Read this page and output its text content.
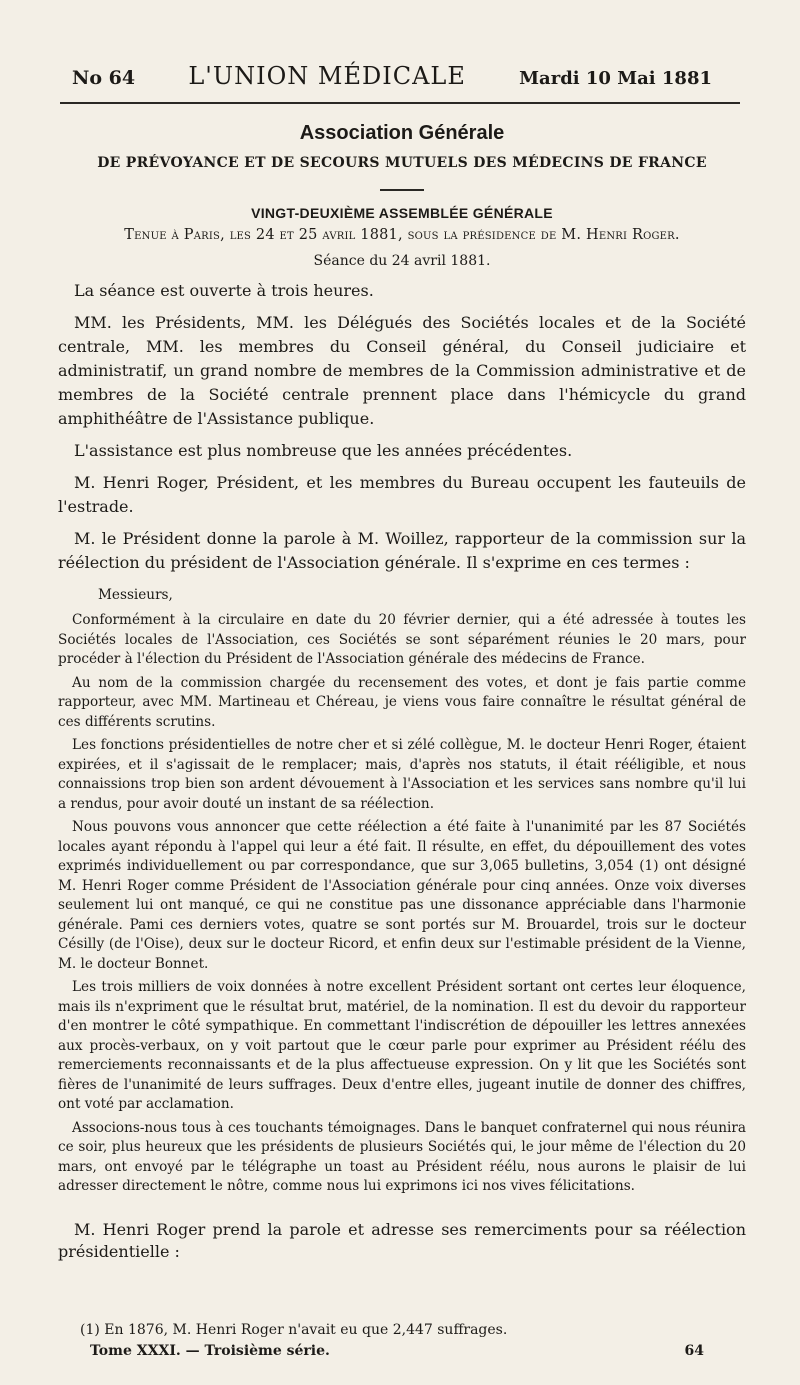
No 64 L'UNION MÉDICALE	Mardi 10 Mai 1881
Association Générale

DE PRÉVOYANCE ET DE SECOURS MUTUELS DES MÉDECINS DE FRANCE

VINGT-DEUXIÈME ASSEMBLÉE GÉNÉRALE

Tenue à Paris, les 24 et 25 avril 1881, sous la présidence de M. Henri Roger.

Séance du 24 avril 1881.

La séance est ouverte à trois heures.

MM. les Présidents, MM. les Délégués des Sociétés locales et de la Société centrale, MM. les membres du Conseil général, du Conseil judiciaire et administratif, un grand nombre de membres de la Commission administrative et de membres de la Société centrale prennent place dans l'hémicycle du grand amphithéâtre de l'Assistance publique.

L'assistance est plus nombreuse que les années précédentes.

M. Henri Roger, Président, et les membres du Bureau occupent les fauteuils de l'estrade.

M. le Président donne la parole à M. Woillez, rapporteur de la commission sur la réélection du président de l'Association générale. Il s'exprime en ces termes :

Messieurs,

Conformément à la circulaire en date du 20 février dernier, qui a été adressée à toutes les Sociétés locales de l'Association, ces Sociétés se sont séparément réunies le 20 mars, pour procéder à l'élection du Président de l'Association générale des médecins de France.

Au nom de la commission chargée du recensement des votes, et dont je fais partie comme rapporteur, avec MM. Martineau et Chéreau, je viens vous faire connaître le résultat général de ces différents scrutins.

Les fonctions présidentielles de notre cher et si zélé collègue, M. le docteur Henri Roger, étaient expirées, et il s'agissait de le remplacer; mais, d'après nos statuts, il était rééligible, et nous connaissions trop bien son ardent dévouement à l'Association et les services sans nombre qu'il lui a rendus, pour avoir douté un instant de sa réélection.

Nous pouvons vous annoncer que cette réélection a été faite à l'unanimité par les 87 Sociétés locales ayant répondu à l'appel qui leur a été fait. Il résulte, en effet, du dépouillement des votes exprimés individuellement ou par correspondance, que sur 3,065 bulletins, 3,054 (1) ont désigné M. Henri Roger comme Président de l'Association générale pour cinq années. Onze voix diverses seulement lui ont manqué, ce qui ne constitue pas une dissonance appréciable dans l'harmonie générale. Pami ces derniers votes, quatre se sont portés sur M. Brouardel, trois sur le docteur Césilly (de l'Oise), deux sur le docteur Ricord, et enfin deux sur l'estimable président de la Vienne, M. le docteur Bonnet.

Les trois milliers de voix données à notre excellent Président sortant ont certes leur éloquence, mais ils n'expriment que le résultat brut, matériel, de la nomination. Il est du devoir du rapporteur d'en montrer le côté sympathique. En commettant l'indiscrétion de dépouiller les lettres annexées aux procès-verbaux, on y voit partout que le cœur parle pour exprimer au Président réélu des remerciements reconnaissants et de la plus affectueuse expression. On y lit que les Sociétés sont fières de l'unanimité de leurs suffrages. Deux d'entre elles, jugeant inutile de donner des chiffres, ont voté par acclamation.

Associons-nous tous à ces touchants témoignages. Dans le banquet confraternel qui nous réunira ce soir, plus heureux que les présidents de plusieurs Sociétés qui, le jour même de l'élection du 20 mars, ont envoyé par le télégraphe un toast au Président réélu, nous aurons le plaisir de lui adresser directement le nôtre, comme nous lui exprimons ici nos vives félicitations.

M. Henri Roger prend la parole et adresse ses remerciments pour sa réélection présidentielle :

(1) En 1876, M. Henri Roger n'avait eu que 2,447 suffrages.
Tome XXXI. — Troisième série.	64
